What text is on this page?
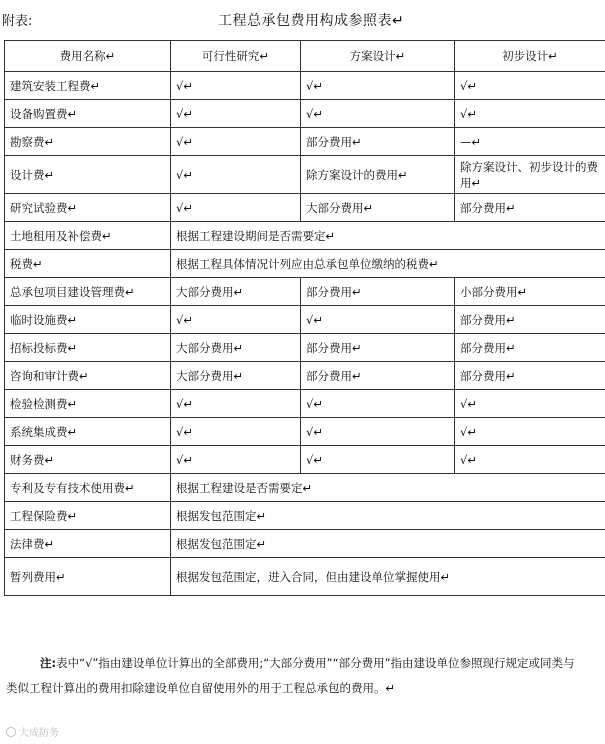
附表:	工程总承包费用构成参照表↵
费用名称↵	可行性研究↵	方案设计↵	初步设计↵
建筑安装工程费↵	√↵	√↵	√↵
设备购置费↵	√↵	√↵	√↵
勘察费↵	√↵	部分费用↵	—↵
设计费↵	√↵	除方案设计的费用↵	除方案设计、初步设计的费用↵
研究试验费↵	√↵	大部分费用↵	部分费用↵
土地租用及补偿费↵	根据工程建设期间是否需要定↵		
税费↵	根据工程具体情况计列应由总承包单位缴纳的税费↵		
总承包项目建设管理费↵	大部分费用↵	部分费用↵	小部分费用↵
临时设施费↵	√↵	√↵	部分费用↵
招标投标费↵	大部分费用↵	部分费用↵	部分费用↵
咨询和审计费↵	大部分费用↵	部分费用↵	部分费用↵
检验检测费↵	√↵	√↵	√↵
系统集成费↵	√↵	√↵	√↵
财务费↵	√↵	√↵	√↵
专利及专有技术使用费↵	根据工程建设是否需要定↵		
工程保险费↵	根据发包范围定↵		
法律费↵	根据发包范围定↵		
暂列费用↵	根据发包范围定，进入合同，但由建设单位掌握使用↵		
注:表中“√”指由建设单位计算出的全部费用;“大部分费用”“部分费用”指由建设单位参照现行规定或同类与类似工程计算出的费用扣除建设单位自留使用外的用于工程总承包的费用。↵
大成防务
